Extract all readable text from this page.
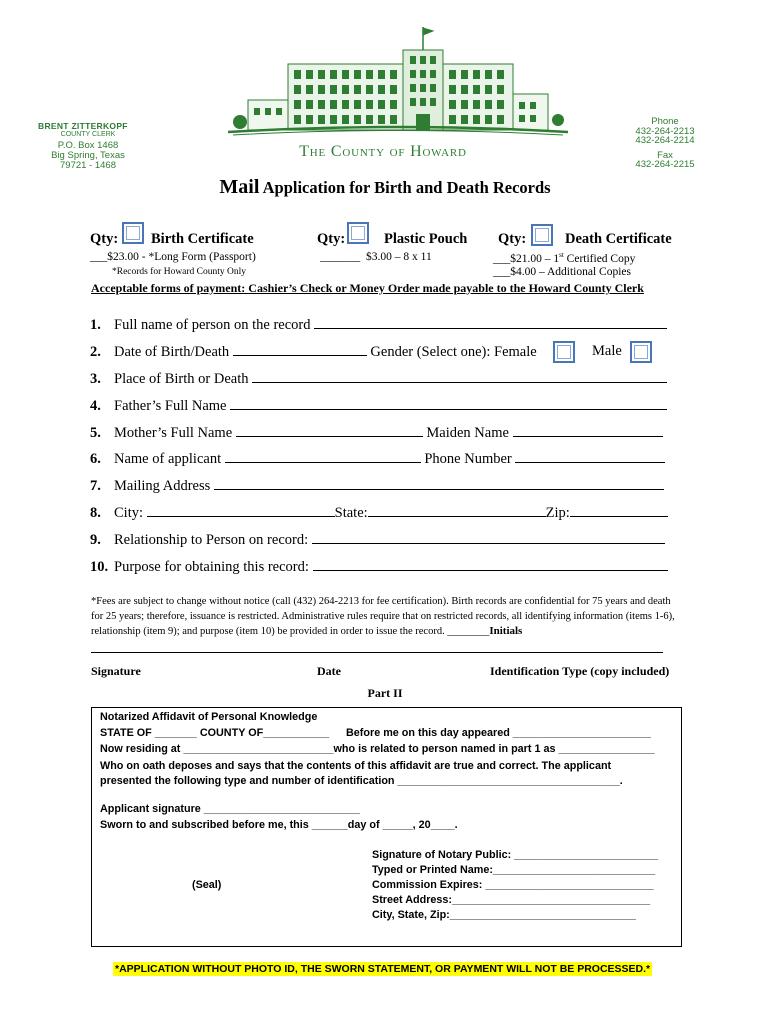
BRENT ZITTERKOPF
COUNTY CLERK
P.O. Box 1468
Big Spring, Texas
79721 - 1468
The County of Howard
Phone
432-264-2213
432-264-2214
Fax
432-264-2215
Mail Application for Birth and Death Records
Qty: Birth Certificate	Qty:	Plastic Pouch Qty:	Death Certificate
___$23.00 - *Long Form (Passport)
*Records for Howard County Only
_______  $3.00 – 8 x 11	___$21.00 – 1st Certified Copy
___$4.00 – Additional Copies
Acceptable forms of payment: Cashier’s Check or Money Order made payable to the Howard County Clerk
1. Full name of person on the record
2. Date of Birth/Death	Gender (Select one): Female	Male
3. Place of Birth or Death
4. Father’s Full Name
5. Mother’s Full Name	Maiden Name
6. Name of applicant	Phone Number
7. Mailing Address
8. City:	State:	Zip:
9. Relationship to Person on record:
10. Purpose for obtaining this record:
*Fees are subject to change without notice (call (432) 264-2213 for fee certification). Birth records are confidential for 75 years and death for 25 years; therefore, issuance is restricted. Administrative rules require that on restricted records, all identifying information (items 1-6), relationship (item 9); and purpose (item 10) be provided in order to issue the record. ________Initials
Signature	Date	Identification Type (copy included)
Part II
Notarized Affidavit of Personal Knowledge
STATE OF _______ COUNTY OF___________ Before me on this day appeared _______________________
Now residing at _________________________who is related to person named in part 1 as ________________
Who on oath deposes and says that the contents of this affidavit are true and correct. The applicant
presented the following type and number of identification _____________________________________.
Applicant signature __________________________
Sworn to and subscribed before me, this ______day of _____, 20____.
(Seal)
Signature of Notary Public: ________________________
Typed or Printed Name:___________________________
Commission Expires: ____________________________
Street Address:_________________________________
City, State, Zip:_______________________________
*APPLICATION WITHOUT PHOTO ID, THE SWORN STATEMENT, OR PAYMENT WILL NOT BE PROCESSED.*
